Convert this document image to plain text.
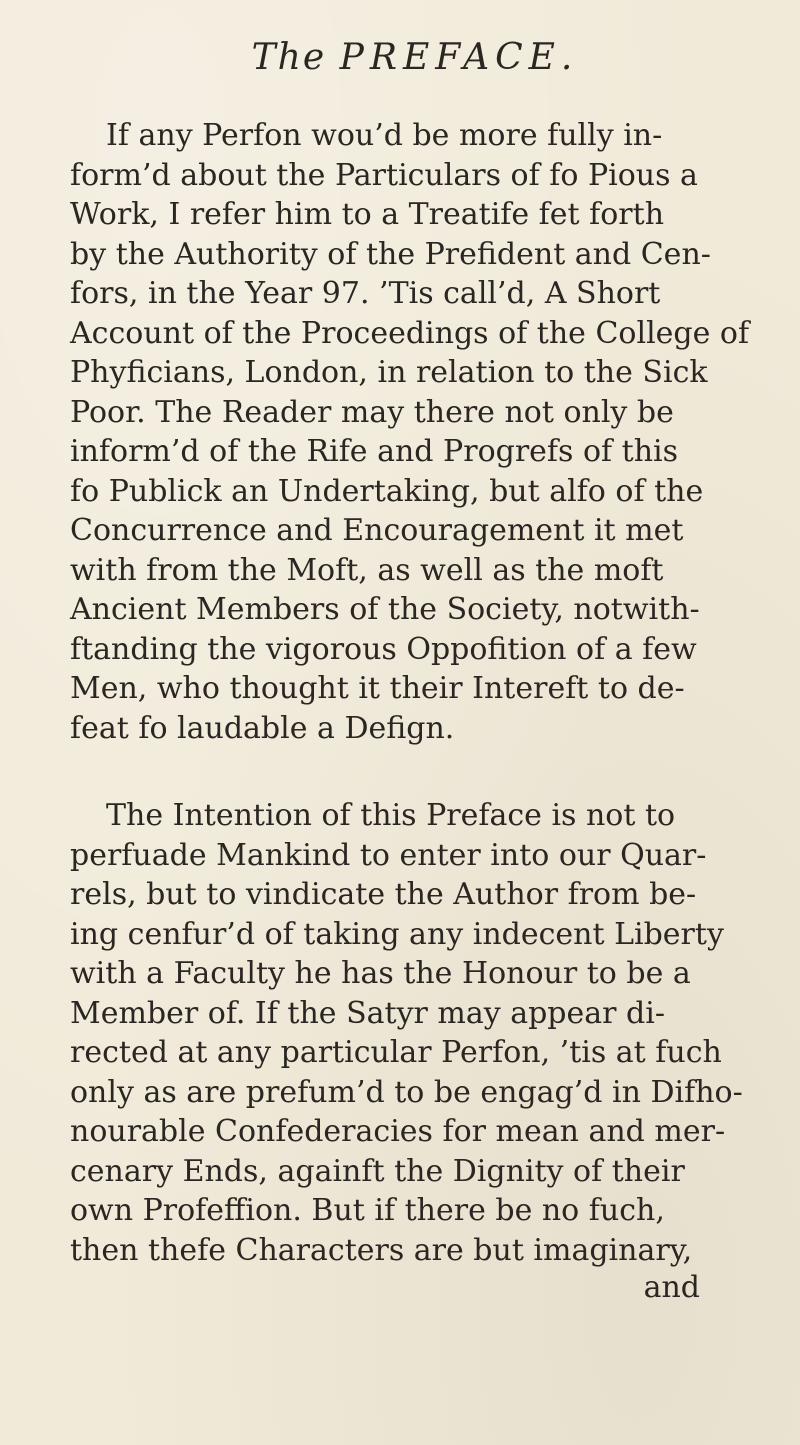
The PREFACE.
If any Perfon wou’d be more fully in-
form’d about the Particulars of fo Pious a
Work, I refer him to a Treatife fet forth
by the Authority of the Prefident and Cen-
fors, in the Year 97. ’Tis call’d, A Short
Account of the Proceedings of the College of
Phyficians, London, in relation to the Sick
Poor. The Reader may there not only be
inform’d of the Rife and Progrefs of this
fo Publick an Undertaking, but alfo of the
Concurrence and Encouragement it met
with from the Moft, as well as the moft
Ancient Members of the Society, notwith-
ftanding the vigorous Oppofition of a few
Men, who thought it their Intereft to de-
feat fo laudable a Defign.
The Intention of this Preface is not to
perfuade Mankind to enter into our Quar-
rels, but to vindicate the Author from be-
ing cenfur’d of taking any indecent Liberty
with a Faculty he has the Honour to be a
Member of. If the Satyr may appear di-
rected at any particular Perfon, ’tis at fuch
only as are prefum’d to be engag’d in Difho-
nourable Confederacies for mean and mer-
cenary Ends, againft the Dignity of their
own Profeffion. But if there be no fuch,
then thefe Characters are but imaginary,
and
